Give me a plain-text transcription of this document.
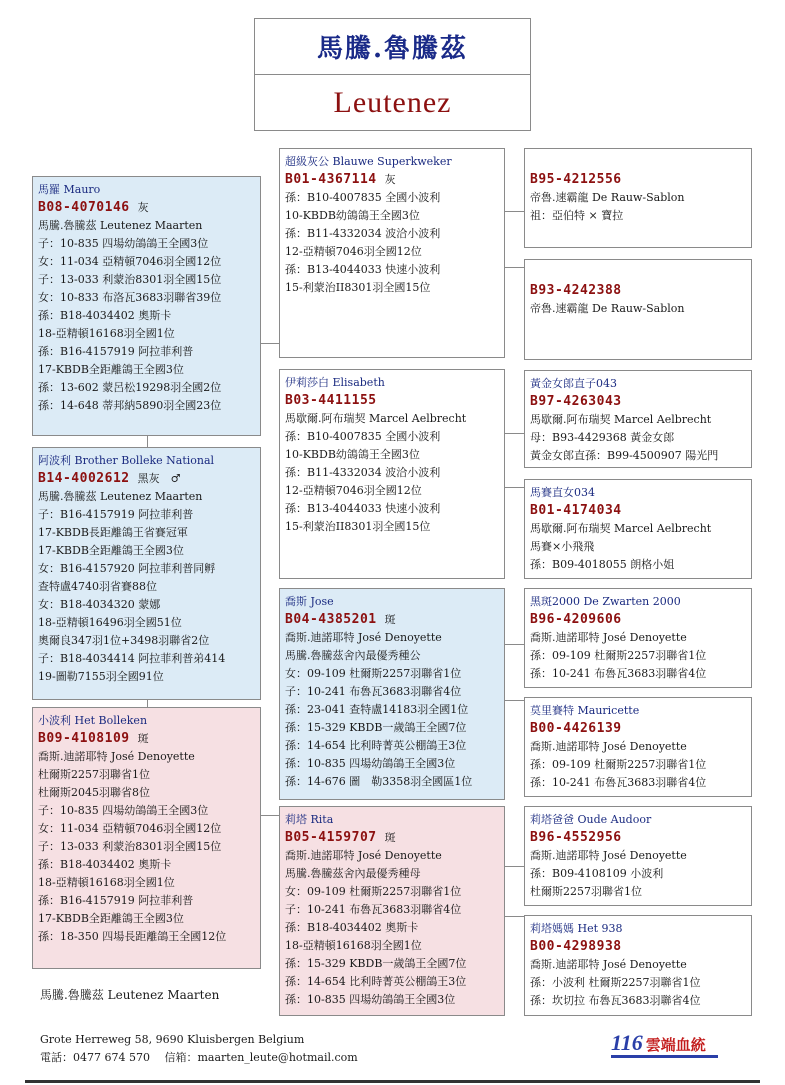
馬騰.魯騰茲
Leutenez
馬羅 Mauro
B08-4070146 灰
馬騰.魯騰茲 Leutenez Maarten
子：10-835 四場幼鴿鴿王全國3位
女：11-034 亞精頓7046羽全國12位
子：13-033 利蒙治8301羽全國15位
女：10-833 布洛瓦3683羽聯省39位
孫：B18-4034402 奧斯卡
18-亞精頓16168羽全國1位
孫：B16-4157919 阿拉菲利普
17-KBDB全距離鴿王全國3位
孫：13-602 蒙呂松19298羽全國2位
孫：14-648 蒂邦納5890羽全國23位
阿波利 Brother Bolleke National
B14-4002612 黑灰　♂
馬騰.魯騰茲 Leutenez Maarten
子：B16-4157919 阿拉菲利普
17-KBDB長距離鴿王省賽冠軍
17-KBDB全距離鴿王全國3位
女：B16-4157920 阿拉菲利普同孵
查特盧4740羽省賽88位
女：B18-4034320 蒙娜
18-亞精頓16496羽全國51位
奧爾良347羽1位+3498羽聯省2位
子：B18-4034414 阿拉菲利普弟414
19-圖勒7155羽全國91位
小波利 Het Bolleken
B09-4108109 斑
喬斯.迪諾耶特 José Denoyette
杜爾斯2257羽聯省1位
杜爾斯2045羽聯省8位
子：10-835 四場幼鴿鴿王全國3位
女：11-034 亞精頓7046羽全國12位
子：13-033 利蒙治8301羽全國15位
孫：B18-4034402 奧斯卡
18-亞精頓16168羽全國1位
孫：B16-4157919 阿拉菲利普
17-KBDB全距離鴿王全國3位
孫：18-350 四場長距離鴿王全國12位
超級灰公 Blauwe Superkweker
B01-4367114 灰
孫：B10-4007835 全國小波利
10-KBDB幼鴿鴿王全國3位
孫：B11-4332034 波洽小波利
12-亞精頓7046羽全國12位
孫：B13-4044033 快速小波利
15-利蒙治II8301羽全國15位
伊莉莎白 Elisabeth
B03-4411155
馬歇爾.阿布瑞契 Marcel Aelbrecht
孫：B10-4007835 全國小波利
10-KBDB幼鴿鴿王全國3位
孫：B11-4332034 波洽小波利
12-亞精頓7046羽全國12位
孫：B13-4044033 快速小波利
15-利蒙治II8301羽全國15位
喬斯 Jose
B04-4385201 斑
喬斯.迪諾耶特 José Denoyette
馬騰.魯騰茲舍內最優秀種公
女：09-109 杜爾斯2257羽聯省1位
子：10-241 布魯瓦3683羽聯省4位
孫：23-041 查特盧14183羽全國1位
孫：15-329 KBDB一歲鴿王全國7位
孫：14-654 比利時菁英公棚鴿王3位
孫：10-835 四場幼鴿鴿王全國3位
孫：14-676 圖　勒3358羽全國區1位
莉塔 Rita
B05-4159707 斑
喬斯.迪諾耶特 José Denoyette
馬騰.魯騰茲舍內最優秀種母
女：09-109 杜爾斯2257羽聯省1位
子：10-241 布魯瓦3683羽聯省4位
孫：B18-4034402 奧斯卡
18-亞精頓16168羽全國1位
孫：15-329 KBDB一歲鴿王全國7位
孫：14-654 比利時菁英公棚鴿王3位
孫：10-835 四場幼鴿鴿王全國3位
B95-4212556
帝魯.速霸龍 De Rauw-Sablon
祖：亞伯特 × 寶拉
B93-4242388
帝魯.速霸龍 De Rauw-Sablon
黃金女郎直子043
B97-4263043
馬歇爾.阿布瑞契 Marcel Aelbrecht
母：B93-4429368 黃金女郎
黃金女郎直孫：B99-4500907 陽光門
馬賽直女034
B01-4174034
馬歇爾.阿布瑞契 Marcel Aelbrecht
馬賽×小飛飛
孫：B09-4018055 朗格小姐
黑斑2000 De Zwarten 2000
B96-4209606
喬斯.迪諾耶特 José Denoyette
孫：09-109 杜爾斯2257羽聯省1位
孫：10-241 布魯瓦3683羽聯省4位
莫里賽特 Mauricette
B00-4426139
喬斯.迪諾耶特 José Denoyette
孫：09-109 杜爾斯2257羽聯省1位
孫：10-241 布魯瓦3683羽聯省4位
莉塔爸爸 Oude Audoor
B96-4552956
喬斯.迪諾耶特 José Denoyette
孫：B09-4108109 小波利
杜爾斯2257羽聯省1位
莉塔媽媽 Het 938
B00-4298938
喬斯.迪諾耶特 José Denoyette
孫：小波利 杜爾斯2257羽聯省1位
孫：坎切拉 布魯瓦3683羽聯省4位
馬騰.魯騰茲 Leutenez Maarten
Grote Herreweg 58, 9690 Kluisbergen Belgium
電話：0477 674 570　 信箱：maarten_leute@hotmail.com
116 雲端血統
